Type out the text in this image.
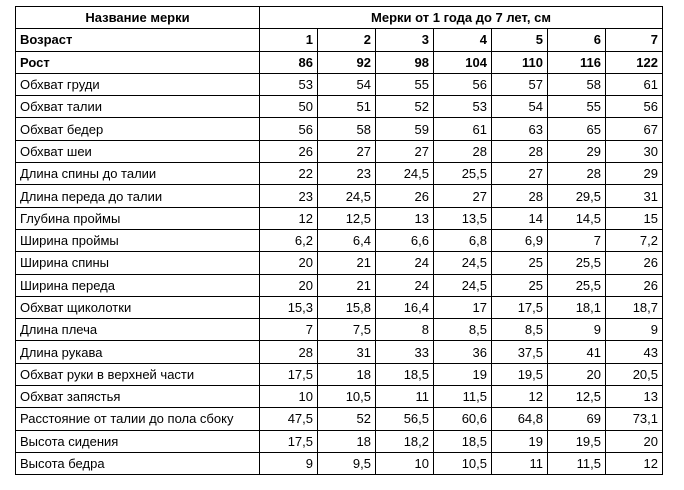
Название мерки	Мерки от 1 года до 7 лет, см						
Возраст	1	2	3	4	5	6	7
Рост	86	92	98	104	110	116	122
Обхват груди	53	54	55	56	57	58	61
Обхват талии	50	51	52	53	54	55	56
Обхват бедер	56	58	59	61	63	65	67
Обхват шеи	26	27	27	28	28	29	30
Длина спины до талии	22	23	24,5	25,5	27	28	29
Длина переда до талии	23	24,5	26	27	28	29,5	31
Глубина проймы	12	12,5	13	13,5	14	14,5	15
Ширина проймы	6,2	6,4	6,6	6,8	6,9	7	7,2
Ширина спины	20	21	24	24,5	25	25,5	26
Ширина переда	20	21	24	24,5	25	25,5	26
Обхват щиколотки	15,3	15,8	16,4	17	17,5	18,1	18,7
Длина плеча	7	7,5	8	8,5	8,5	9	9
Длина рукава	28	31	33	36	37,5	41	43
Обхват руки в верхней части	17,5	18	18,5	19	19,5	20	20,5
Обхват запястья	10	10,5	11	11,5	12	12,5	13
Расстояние от талии до пола сбоку	47,5	52	56,5	60,6	64,8	69	73,1
Высота сидения	17,5	18	18,2	18,5	19	19,5	20
Высота бедра	9	9,5	10	10,5	11	11,5	12
